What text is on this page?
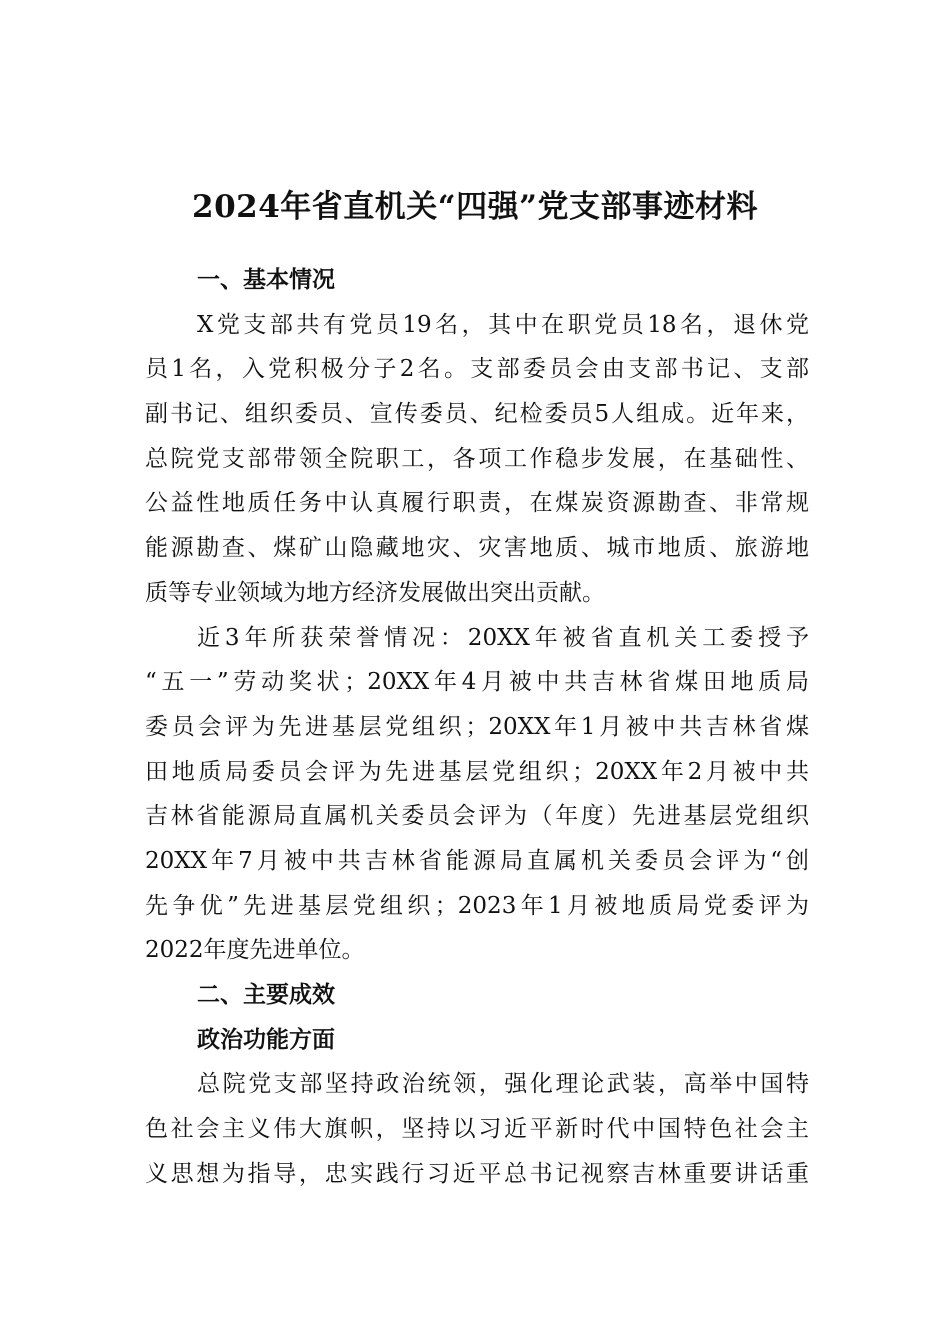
2024年省直机关“四强”党支部事迹材料
一、基本情况

X党支部共有党员19名，其中在职党员18名，退休党
员1名，入党积极分子2名。支部委员会由支部书记、支部
副书记、组织委员、宣传委员、纪检委员5人组成。近年来，
总院党支部带领全院职工，各项工作稳步发展，在基础性、
公益性地质任务中认真履行职责，在煤炭资源勘查、非常规
能源勘查、煤矿山隐藏地灾、灾害地质、城市地质、旅游地
质等专业领域为地方经济发展做出突出贡献。

近3年所获荣誉情况：20XX年被省直机关工委授予
“五一”劳动奖状；20XX年4月被中共吉林省煤田地质局
委员会评为先进基层党组织；20XX年1月被中共吉林省煤
田地质局委员会评为先进基层党组织；20XX年2月被中共
吉林省能源局直属机关委员会评为（年度）先进基层党组织
20XX年7月被中共吉林省能源局直属机关委员会评为“创
先争优”先进基层党组织；2023年1月被地质局党委评为
2022年度先进单位。

二、主要成效
政治功能方面

总院党支部坚持政治统领，强化理论武装，高举中国特
色社会主义伟大旗帜，坚持以习近平新时代中国特色社会主
义思想为指导，忠实践行习近平总书记视察吉林重要讲话重
